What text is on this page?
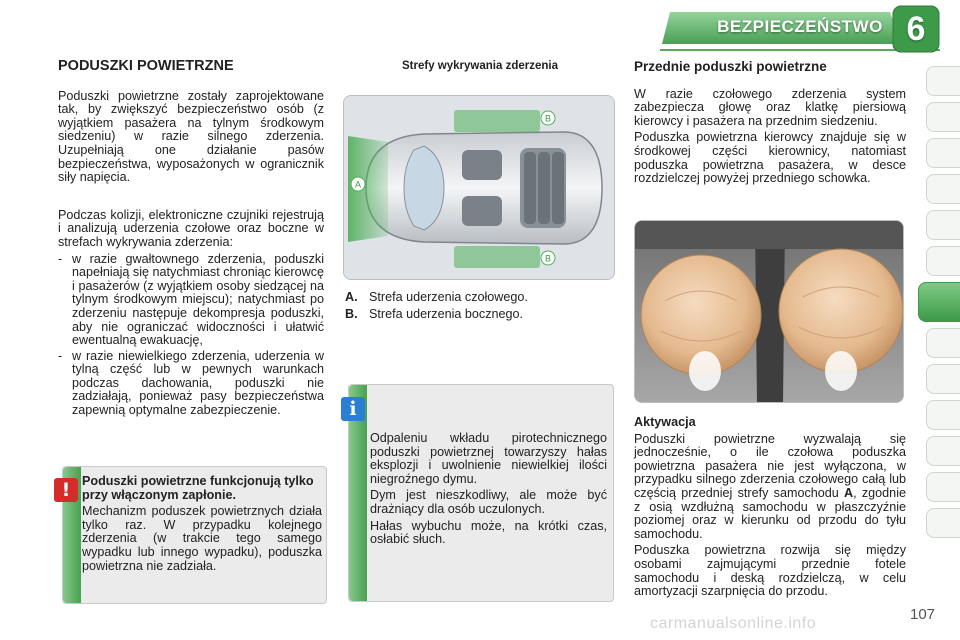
BEZPIECZEŃSTWO 6
PODUSZKI POWIETRZNE

Poduszki powietrzne zostały zaprojektowane tak, by zwiększyć bezpieczeństwo osób (z wyjątkiem pasażera na tylnym środkowym siedzeniu) w razie silnego zderzenia. Uzupełniają one działanie pasów bezpieczeństwa, wyposażonych w ogranicznik siły napięcia.

Podczas kolizji, elektroniczne czujniki rejestrują i analizują uderzenia czołowe oraz boczne w strefach wykrywania zderzenia:

- w razie gwałtownego zderzenia, poduszki napełniają się natychmiast chroniąc kierowcę i pasażerów (z wyjątkiem osoby siedzącej na tylnym środkowym miejscu); natychmiast po zderzeniu następuje dekompresja poduszki, aby nie ograniczać widoczności i ułatwić ewentualną ewakuację,
- w razie niewielkiego zderzenia, uderzenia w tylną część lub w pewnych warunkach podczas dachowania, poduszki nie zadziałają, ponieważ pasy bezpieczeństwa zapewnią optymalne zabezpieczenie.
! Poduszki powietrzne funkcjonują tylko przy włączonym zapłonie.

Mechanizm poduszek powietrznych działa tylko raz. W przypadku kolejnego zderzenia (w trakcie tego samego wypadku lub innego wypadku), poduszka powietrzna nie zadziała.

Strefy wykrywania zderzenia
A
B
B
A. Strefa uderzenia czołowego.
B. Strefa uderzenia bocznego.
i

Odpaleniu wkładu pirotechnicznego poduszki powietrznej towarzyszy hałas eksplozji i uwolnienie niewielkiej ilości niegroźnego dymu.

Dym jest nieszkodliwy, ale może być drażniący dla osób uczulonych.

Hałas wybuchu może, na krótki czas, osłabić słuch.

Przednie poduszki powietrzne

W razie czołowego zderzenia system zabezpiecza głowę oraz klatkę piersiową kierowcy i pasażera na przednim siedzeniu.

Poduszka powietrzna kierowcy znajduje się w środkowej części kierownicy, natomiast poduszka powietrzna pasażera, w desce rozdzielczej powyżej przedniego schowka.

Aktywacja

Poduszki powietrzne wyzwalają się jednocześnie, o ile czołowa poduszka powietrzna pasażera nie jest wyłączona, w przypadku silnego zderzenia czołowego całą lub częścią przedniej strefy samochodu A, zgodnie z osią wzdłużną samochodu w płaszczyźnie poziomej oraz w kierunku od przodu do tyłu samochodu.

Poduszka powietrzna rozwija się między osobami zajmującymi przednie fotele samochodu i deską rozdzielczą, w celu amortyzacji szarpnięcia do przodu.

carmanualsonline.info
107
